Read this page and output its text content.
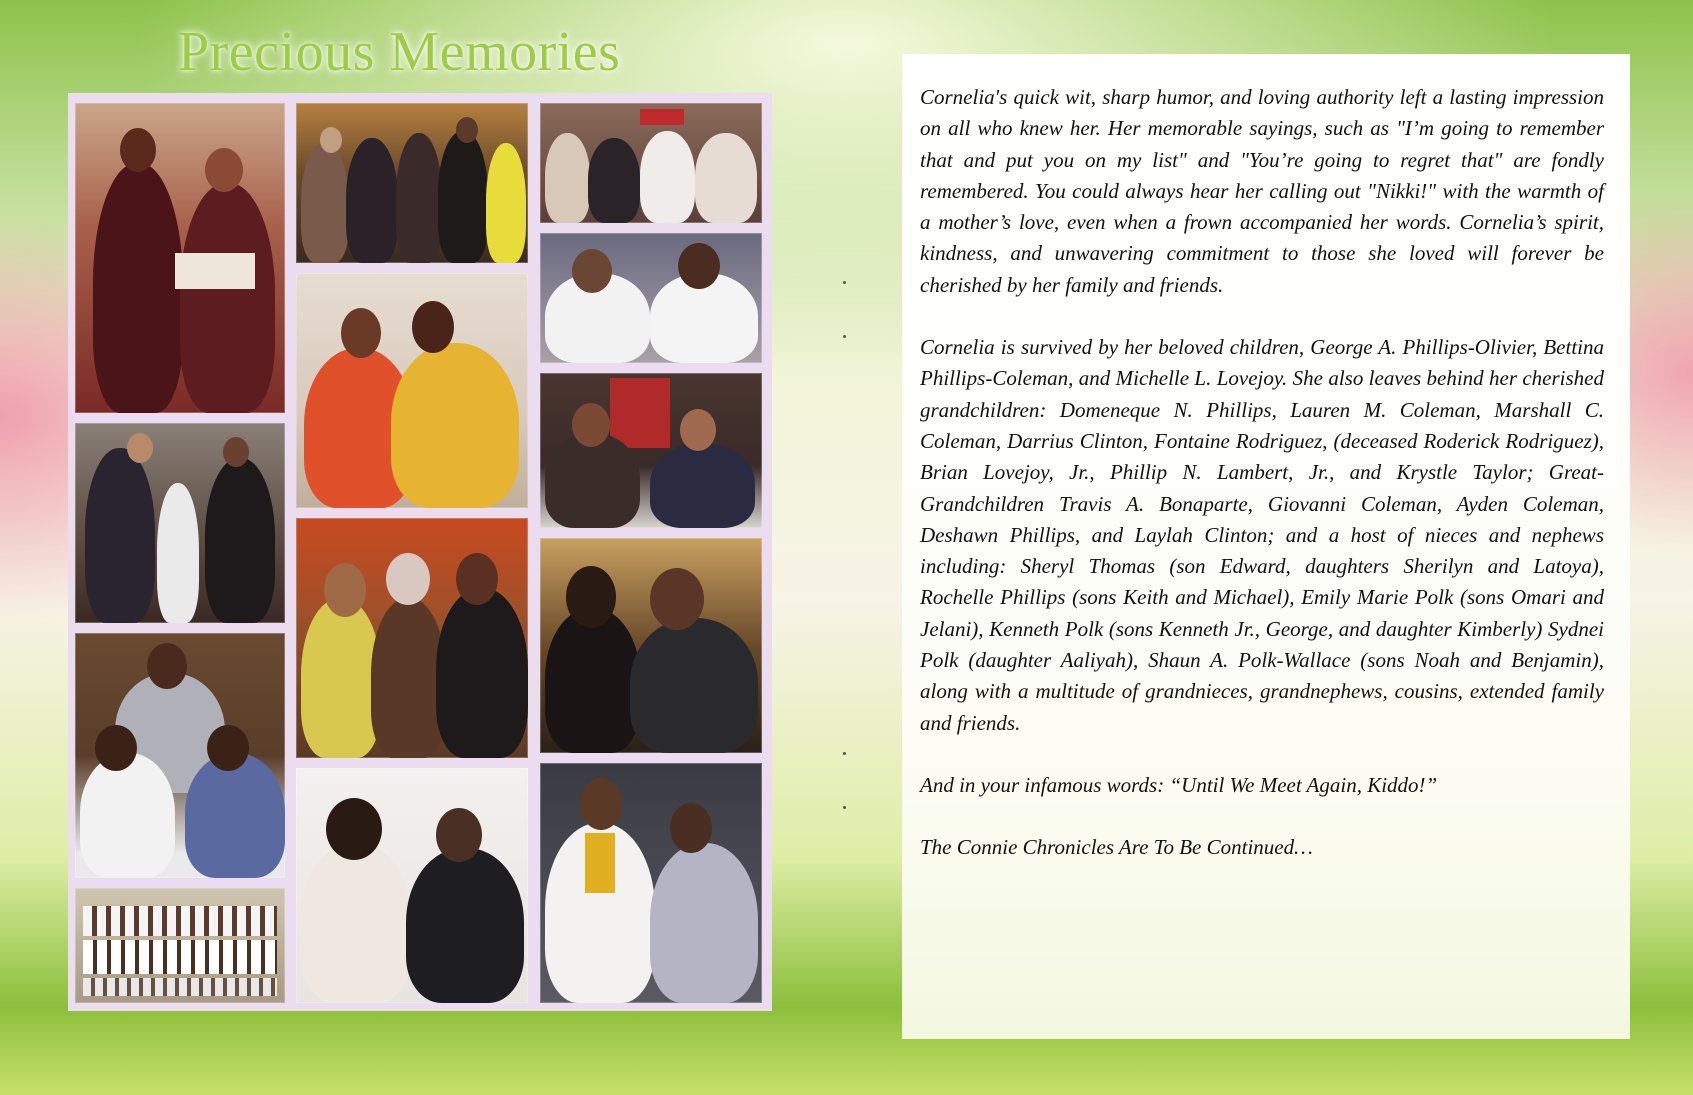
Precious Memories

Cornelia's quick wit, sharp humor, and loving authority left a lasting impression on all who knew her. Her memorable sayings, such as "I’m going to remember that and put you on my list" and "You’re going to regret that" are fondly remembered. You could always hear her calling out "Nikki!" with the warmth of a mother’s love, even when a frown accompanied her words. Cornelia’s spirit, kindness, and unwavering commitment to those she loved will forever be cherished by her family and friends.

Cornelia is survived by her beloved children, George A. Phillips-Olivier, Bettina Phillips-Coleman, and Michelle L. Lovejoy. She also leaves behind her cherished grandchildren: Domeneque N. Phillips, Lauren M. Coleman, Marshall C. Coleman, Darrius Clinton, Fontaine Rodriguez, (deceased Roderick Rodriguez), Brian Lovejoy, Jr., Phillip N. Lambert, Jr., and Krystle Taylor; Great-Grandchildren Travis A. Bonaparte, Giovanni Coleman, Ayden Coleman, Deshawn Phillips, and Laylah Clinton; and a host of nieces and nephews including: Sheryl Thomas (son Edward, daughters Sherilyn and Latoya), Rochelle Phillips (sons Keith and Michael), Emily Marie Polk (sons Omari and Jelani), Kenneth Polk (sons Kenneth Jr., George, and daughter Kimberly) Sydnei Polk (daughter Aaliyah), Shaun A. Polk-Wallace (sons Noah and Benjamin), along with a multitude of grandnieces, grandnephews, cousins, extended family and friends.

And in your infamous words: “Until We Meet Again, Kiddo!”

The Connie Chronicles Are To Be Continued…
